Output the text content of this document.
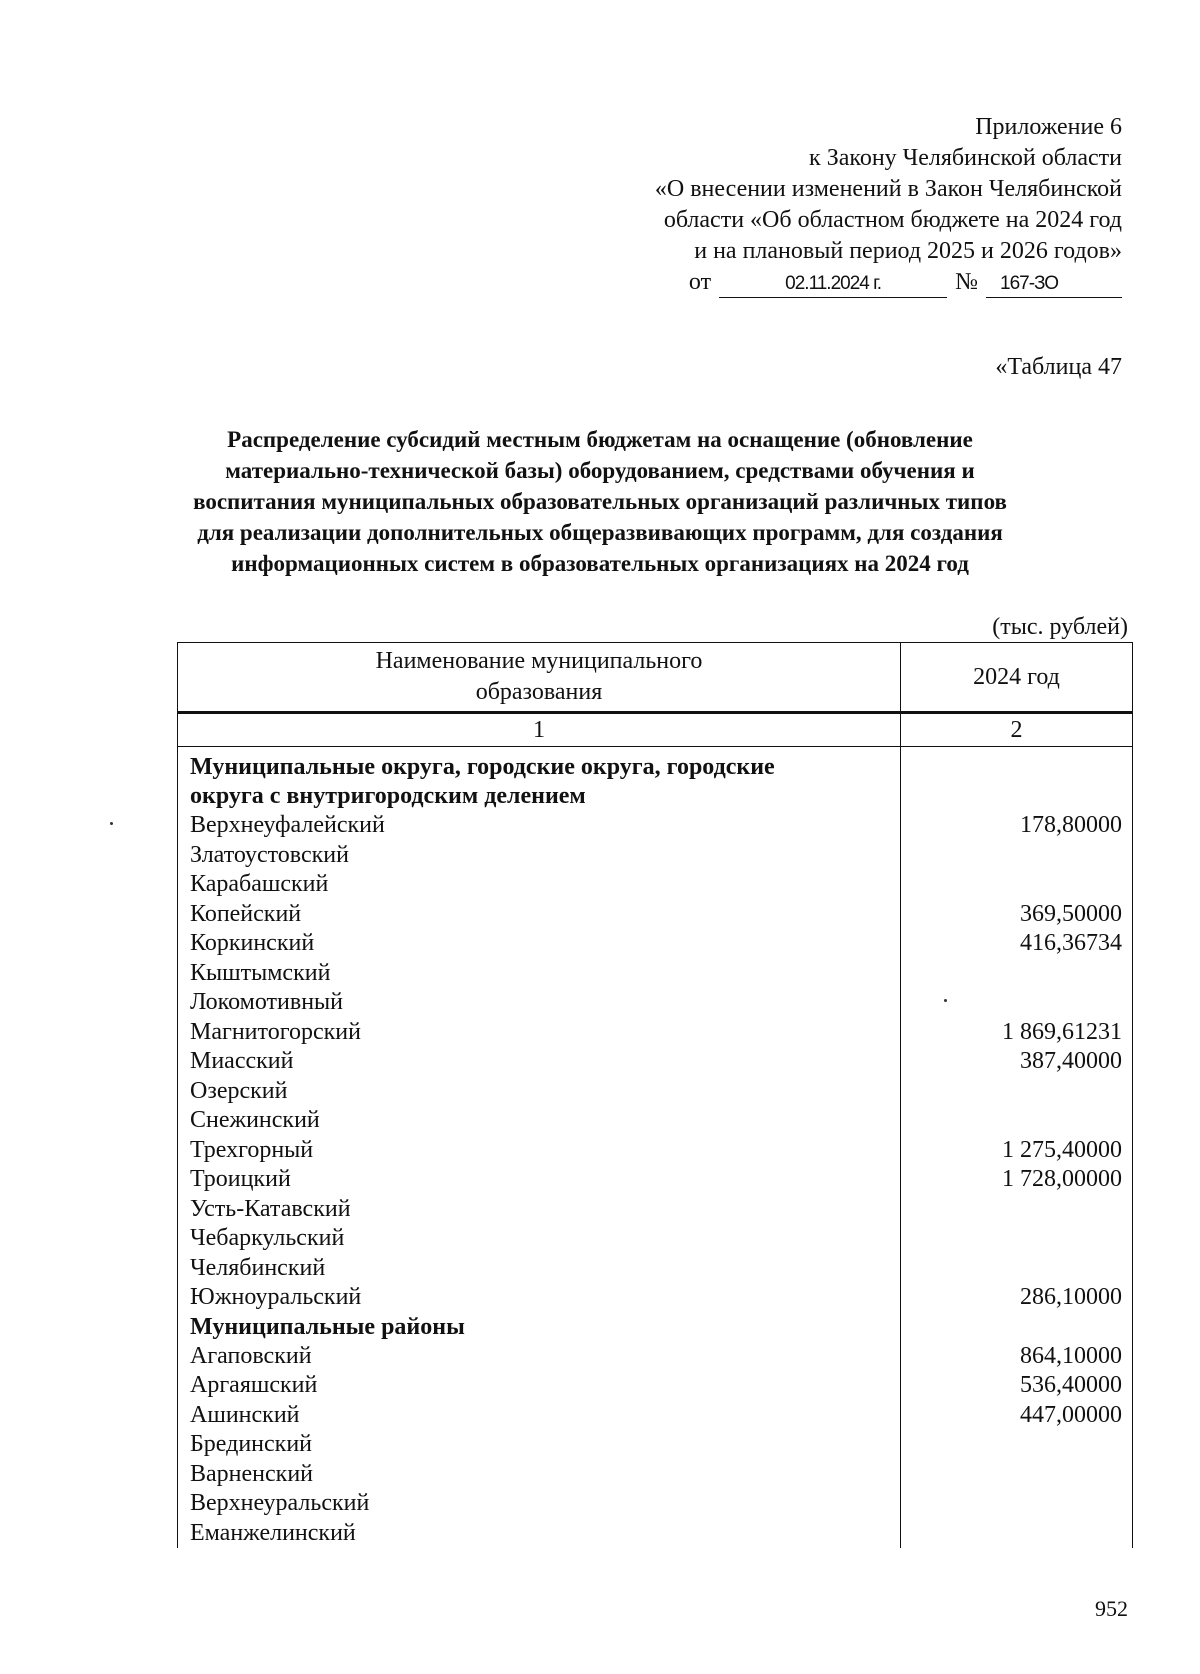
Приложение 6
к Закону Челябинской области
«О внесении изменений в Закон Челябинской
области «Об областном бюджете на 2024 год
и на плановый период 2025 и 2026 годов»
от	02.11.2024 г.	№	167-ЗО
«Таблица 47
Распределение субсидий местным бюджетам на оснащение (обновление
материально-технической базы) оборудованием, средствами обучения и
воспитания муниципальных образовательных организаций различных типов
для реализации дополнительных общеразвивающих программ, для создания
информационных систем в образовательных организациях на 2024 год
(тыс. рублей)
Наименование муниципального
образования	2024 год
1	2

Муниципальные округа, городские округа, городские
округа с внутригородским делением	

Верхнеуфалейский	178,80000
Златоустовский	
Карабашский	
Копейский	369,50000
Коркинский	416,36734
Кыштымский	
Локомотивный	
Магнитогорский	1 869,61231
Миасский	387,40000
Озерский	
Снежинский	
Трехгорный	1 275,40000
Троицкий	1 728,00000
Усть-Катавский	
Чебаркульский	
Челябинский	
Южноуральский	286,10000
Муниципальные районы	
Агаповский	864,10000
Аргаяшский	536,40000
Ашинский	447,00000
Брединский	
Варненский	
Верхнеуральский	
Еманжелинский	
952
